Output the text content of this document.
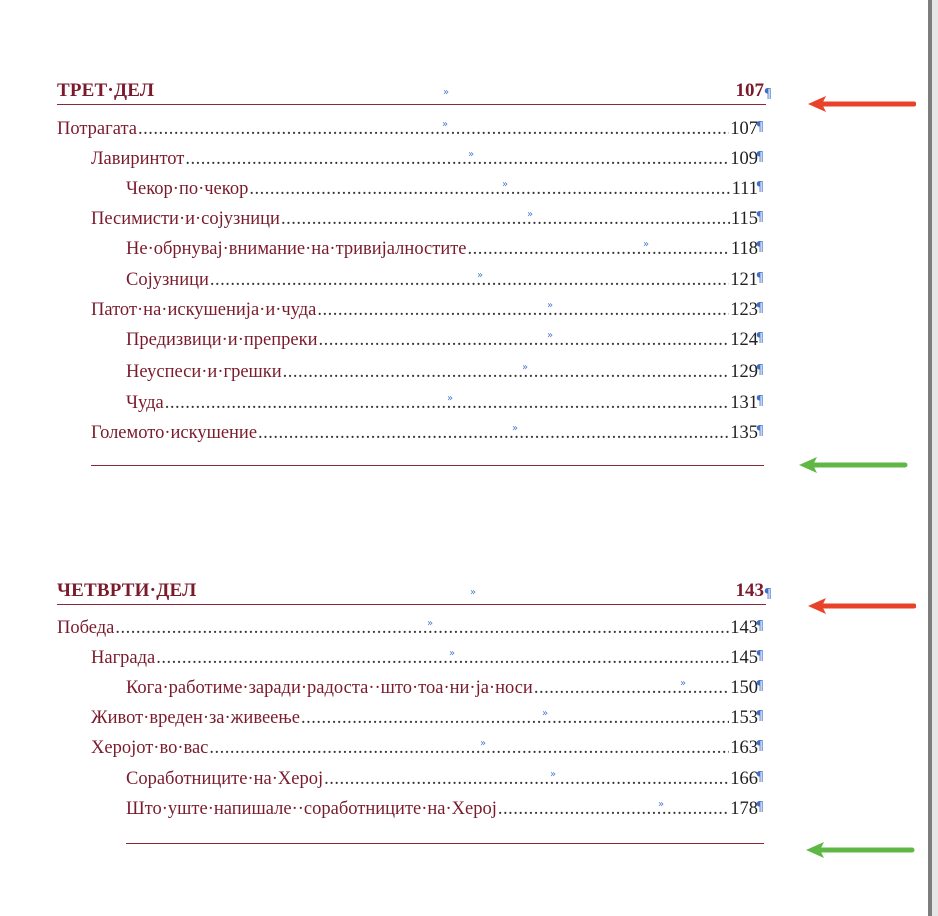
ТРЕТ·ДЕЛ	»	107 ¶
Потрагата .....	107
»	¶
Лавиринтот .....	109
»	¶
Чекор·по·чекор .....	111
»	¶
Песимисти·и·сојузници .....	115
»	¶
Не·обрнувај·внимание·на·тривијалностите .....	118
»	¶
Сојузници .....	121
»	¶
Патот·на·искушенија·и·чуда .....	123
»	¶
Предизвици·и·препреки .....	124
»	¶
Неуспеси·и·грешки .....	129
»	¶
Чуда .....	131
»	¶
Големото·искушение .....	135
»	¶
ЧЕТВРТИ·ДЕЛ	»	143 ¶
Победа .....	143
»	¶
Награда .....	145
»	¶
Кога·работиме·заради·радоста··што·тоа·ни·ја·носи .....	150
»	¶
Живот·вреден·за·живеење .....	153
»	¶
Херојот·во·вас .....	163
»	¶
Соработниците·на·Херој .....	166
»	¶
Што·уште·напишале··соработниците·на·Херој .....	178
»	¶
